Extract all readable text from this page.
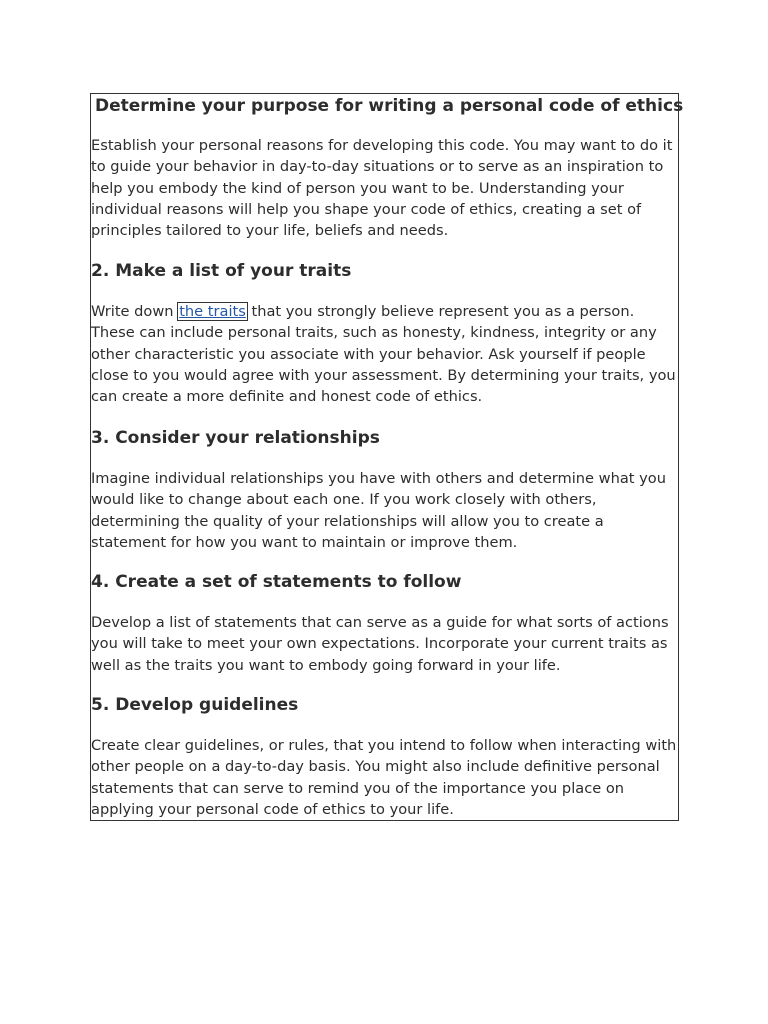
Determine your purpose for writing a personal code of ethics

Establish your personal reasons for developing this code. You may want to do it to guide your behavior in day-to-day situations or to serve as an inspiration to help you embody the kind of person you want to be. Understanding your individual reasons will help you shape your code of ethics, creating a set of principles tailored to your life, beliefs and needs.

2. Make a list of your traits

Write down the traits that you strongly believe represent you as a person. These can include personal traits, such as honesty, kindness, integrity or any other characteristic you associate with your behavior. Ask yourself if people close to you would agree with your assessment. By determining your traits, you can create a more definite and honest code of ethics.

3. Consider your relationships

Imagine individual relationships you have with others and determine what you would like to change about each one. If you work closely with others, determining the quality of your relationships will allow you to create a statement for how you want to maintain or improve them.

4. Create a set of statements to follow

Develop a list of statements that can serve as a guide for what sorts of actions you will take to meet your own expectations. Incorporate your current traits as well as the traits you want to embody going forward in your life.

5. Develop guidelines

Create clear guidelines, or rules, that you intend to follow when interacting with other people on a day-to-day basis. You might also include definitive personal statements that can serve to remind you of the importance you place on applying your personal code of ethics to your life.
